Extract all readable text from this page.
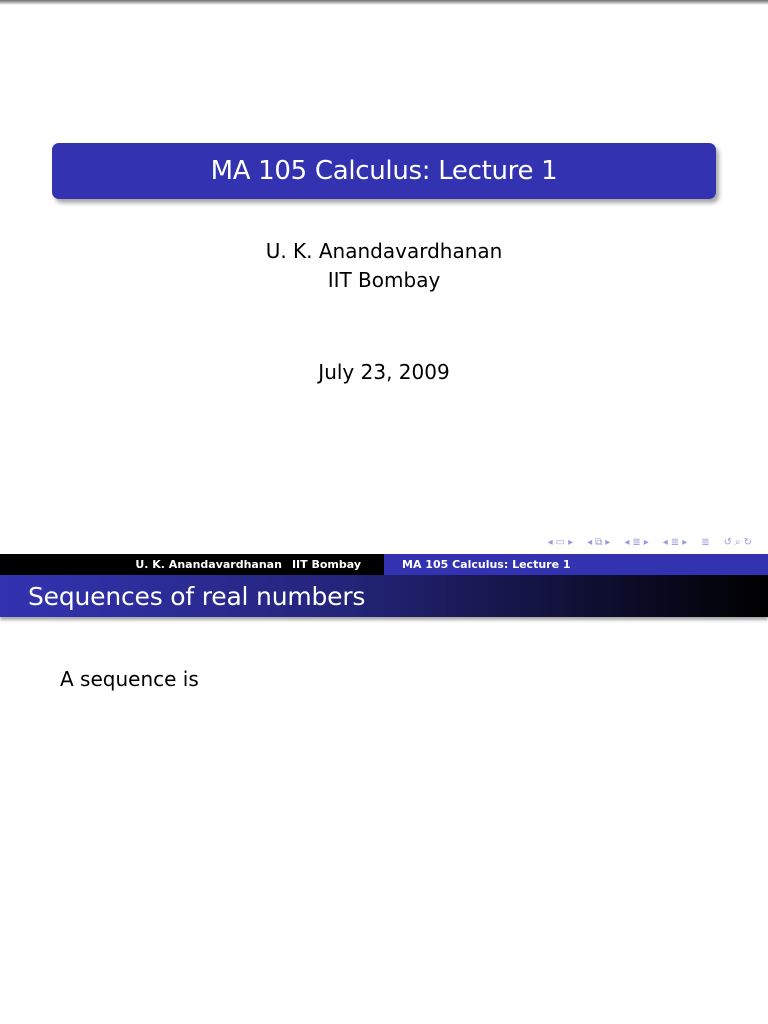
MA 105 Calculus: Lecture 1
U. K. Anandavardhanan
IIT Bombay
July 23, 2009
◂ ▭ ▸ ◂ ⧉ ▸ ◂ ≣ ▸ ◂ ≣ ▸ ≣ ↺ ⌕ ↻
U. K. Anandavardhanan IIT Bombay	MA 105 Calculus: Lecture 1
Sequences of real numbers
A sequence is
